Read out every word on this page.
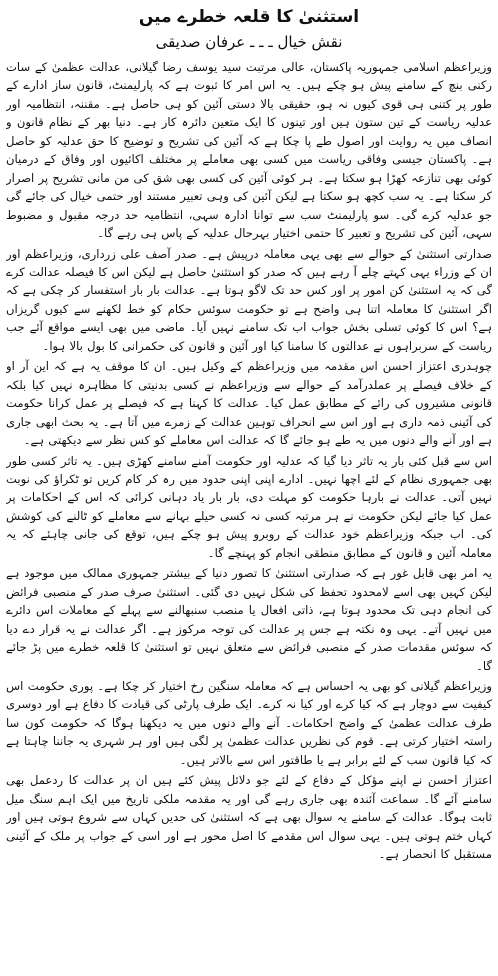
استثنیٰ کا قلعہ خطرے میں
نقش خیال ـ ـ ـ عرفان صدیقی

وزیراعظم اسلامی جمہوریہ پاکستان، عالی مرتبت سید یوسف رضا گیلانی، عدالت عظمیٰ کے سات رکنی بنچ کے سامنے پیش ہو چکے ہیں۔ یہ اس امر کا ثبوت ہے کہ پارلیمنٹ، قانون ساز ادارے کے طور پر کتنی ہی قوی کیوں نہ ہو، حقیقی بالا دستی آئین کو ہی حاصل ہے۔ مقننہ، انتظامیہ اور عدلیہ ریاست کے تین ستون ہیں اور تینوں کا ایک متعین دائرہ کار ہے۔ دنیا بھر کے نظام قانون و انصاف میں یہ روایت اور اصول طے پا چکا ہے کہ آئین کی تشریح و توضیح کا حق عدلیہ کو حاصل ہے۔ پاکستان جیسی وفاقی ریاست میں کسی بھی معاملے پر مختلف اکائیوں اور وفاق کے درمیان کوئی بھی تنازعہ کھڑا ہو سکتا ہے۔ ہر کوئی آئین کی کسی بھی شق کی من مانی تشریح پر اصرار کر سکتا ہے۔ یہ سب کچھ ہو سکتا ہے لیکن آئین کی وہی تعبیر مستند اور حتمی خیال کی جائے گی جو عدلیہ کرے گی۔ سو پارلیمنٹ سب سے توانا ادارہ سہی، انتظامیہ حد درجہ مقبول و مضبوط سہی، آئین کی تشریح و تعبیر کا حتمی اختیار بہرحال عدلیہ کے پاس ہی رہے گا۔

صدارتی استثنیٰ کے حوالے سے بھی یہی معاملہ درپیش ہے۔ صدر آصف علی زرداری، وزیراعظم اور ان کے وزراء یہی کہتے چلے آ رہے ہیں کہ صدر کو استثنیٰ حاصل ہے لیکن اس کا فیصلہ عدالت کرے گی کہ یہ استثنیٰ کن امور پر اور کس حد تک لاگو ہوتا ہے۔ عدالت بار بار استفسار کر چکی ہے کہ اگر استثنیٰ کا معاملہ اتنا ہی واضح ہے تو حکومت سوئس حکام کو خط لکھنے سے کیوں گریزاں ہے؟ اس کا کوئی تسلی بخش جواب اب تک سامنے نہیں آیا۔ ماضی میں بھی ایسے مواقع آئے جب ریاست کے سربراہوں نے عدالتوں کا سامنا کیا اور آئین و قانون کی حکمرانی کا بول بالا ہوا۔

چوہدری اعتزاز احسن اس مقدمہ میں وزیراعظم کے وکیل ہیں۔ ان کا موقف یہ ہے کہ این آر او کے خلاف فیصلے پر عملدرآمد کے حوالے سے وزیراعظم نے کسی بدنیتی کا مظاہرہ نہیں کیا بلکہ قانونی مشیروں کی رائے کے مطابق عمل کیا۔ عدالت کا کہنا ہے کہ فیصلے پر عمل کرانا حکومت کی آئینی ذمہ داری ہے اور اس سے انحراف توہین عدالت کے زمرے میں آتا ہے۔ یہ بحث ابھی جاری ہے اور آنے والے دنوں میں یہ طے ہو جائے گا کہ عدالت اس معاملے کو کس نظر سے دیکھتی ہے۔

اس سے قبل کئی بار یہ تاثر دیا گیا کہ عدلیہ اور حکومت آمنے سامنے کھڑی ہیں۔ یہ تاثر کسی طور بھی جمہوری نظام کے لئے اچھا نہیں۔ ادارے اپنی اپنی حدود میں رہ کر کام کریں تو ٹکراؤ کی نوبت نہیں آتی۔ عدالت نے بارہا حکومت کو مہلت دی، بار بار یاد دہانی کرائی کہ اس کے احکامات پر عمل کیا جائے لیکن حکومت نے ہر مرتبہ کسی نہ کسی حیلے بہانے سے معاملے کو ٹالنے کی کوشش کی۔ اب جبکہ وزیراعظم خود عدالت کے روبرو پیش ہو چکے ہیں، توقع کی جانی چاہئے کہ یہ معاملہ آئین و قانون کے مطابق منطقی انجام کو پہنچے گا۔

یہ امر بھی قابل غور ہے کہ صدارتی استثنیٰ کا تصور دنیا کے بیشتر جمہوری ممالک میں موجود ہے لیکن کہیں بھی اسے لامحدود تحفظ کی شکل نہیں دی گئی۔ استثنیٰ صرف صدر کے منصبی فرائض کی انجام دہی تک محدود ہوتا ہے، ذاتی افعال یا منصب سنبھالنے سے پہلے کے معاملات اس دائرے میں نہیں آتے۔ یہی وہ نکتہ ہے جس پر عدالت کی توجہ مرکوز ہے۔ اگر عدالت نے یہ قرار دے دیا کہ سوئس مقدمات صدر کے منصبی فرائض سے متعلق نہیں تو استثنیٰ کا قلعہ خطرے میں پڑ جائے گا۔

وزیراعظم گیلانی کو بھی یہ احساس ہے کہ معاملہ سنگین رخ اختیار کر چکا ہے۔ پوری حکومت اس کیفیت سے دوچار ہے کہ کیا کرے اور کیا نہ کرے۔ ایک طرف پارٹی کی قیادت کا دفاع ہے اور دوسری طرف عدالت عظمیٰ کے واضح احکامات۔ آنے والے دنوں میں یہ دیکھنا ہوگا کہ حکومت کون سا راستہ اختیار کرتی ہے۔ قوم کی نظریں عدالت عظمیٰ پر لگی ہیں اور ہر شہری یہ جاننا چاہتا ہے کہ کیا قانون سب کے لئے برابر ہے یا طاقتور اس سے بالاتر ہیں۔

اعتزاز احسن نے اپنے مؤکل کے دفاع کے لئے جو دلائل پیش کئے ہیں ان پر عدالت کا ردعمل بھی سامنے آئے گا۔ سماعت آئندہ بھی جاری رہے گی اور یہ مقدمہ ملکی تاریخ میں ایک اہم سنگ میل ثابت ہوگا۔ عدالت کے سامنے یہ سوال بھی ہے کہ استثنیٰ کی حدیں کہاں سے شروع ہوتی ہیں اور کہاں ختم ہوتی ہیں۔ یہی سوال اس مقدمے کا اصل محور ہے اور اسی کے جواب پر ملک کے آئینی مستقبل کا انحصار ہے۔
